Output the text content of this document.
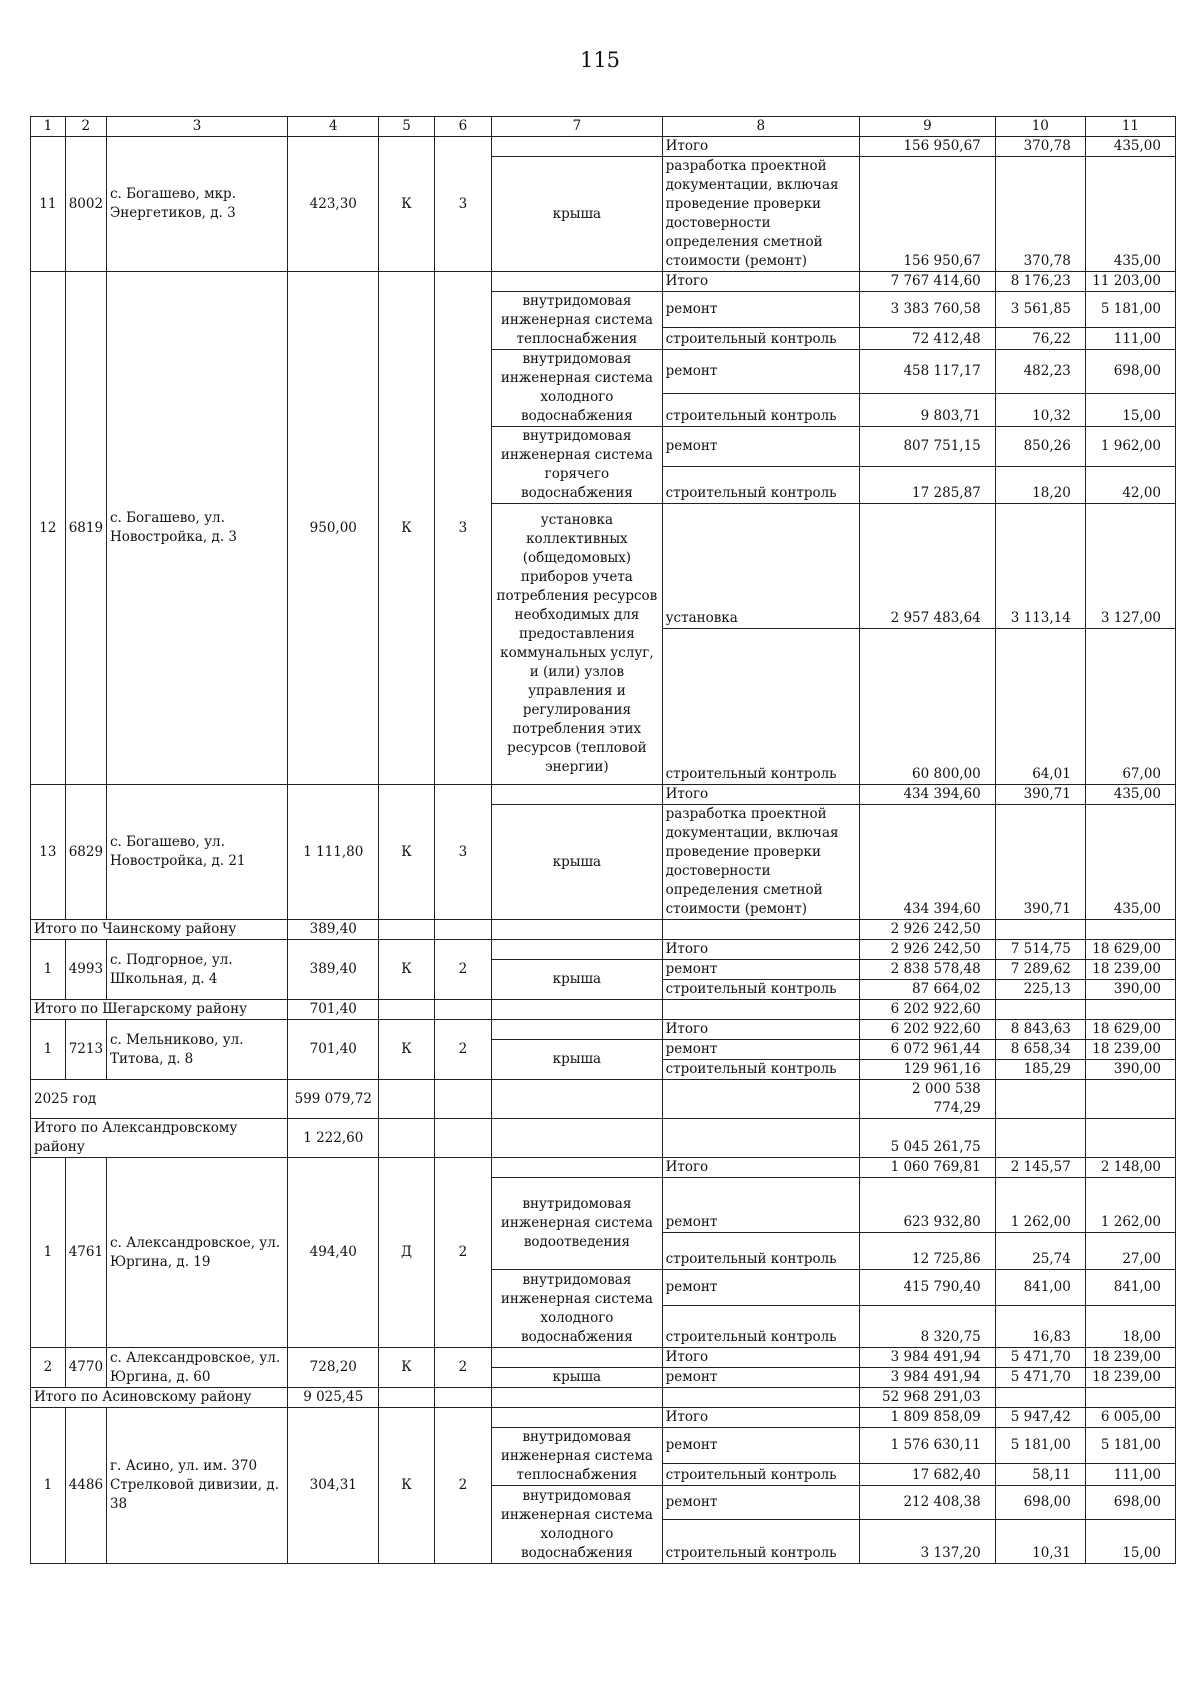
115
1	2	3	4	5	6	7	8	9	10	11
11	8002	с. Богашево, мкр. Энергетиков, д. 3	423,30	К	3		Итого	156 950,67	370,78	435,00
						крыша	разработка проектной документации, включая проведение проверки достоверности определения сметной стоимости (ремонт)	156 950,67	370,78	435,00
12	6819	с. Богашево, ул. Новостройка, д. 3	950,00	К	3		Итого	7 767 414,60	8 176,23	11 203,00
						внутридомовая инженерная система теплоснабжения	ремонт	3 383 760,58	3 561,85	5 181,00
							строительный контроль	72 412,48	76,22	111,00
						внутридомовая инженерная система холодного водоснабжения	ремонт	458 117,17	482,23	698,00
							строительный контроль	9 803,71	10,32	15,00
						внутридомовая инженерная система горячего водоснабжения	ремонт	807 751,15	850,26	1 962,00
							строительный контроль	17 285,87	18,20	42,00
						установка коллективных (общедомовых) приборов учета потребления ресурсов необходимых для предоставления коммунальных услуг, и (или) узлов управления и регулирования потребления этих ресурсов (тепловой энергии)	установка	2 957 483,64	3 113,14	3 127,00
							строительный контроль	60 800,00	64,01	67,00
13	6829	с. Богашево, ул. Новостройка, д. 21	1 111,80	К	3		Итого	434 394,60	390,71	435,00
						крыша	разработка проектной документации, включая проведение проверки достоверности определения сметной стоимости (ремонт)	434 394,60	390,71	435,00
Итого по Чаинскому району			389,40					2 926 242,50		
1	4993	с. Подгорное, ул. Школьная, д. 4	389,40	К	2		Итого	2 926 242,50	7 514,75	18 629,00
						крыша	ремонт	2 838 578,48	7 289,62	18 239,00
							строительный контроль	87 664,02	225,13	390,00
Итого по Шегарскому району			701,40					6 202 922,60		
1	7213	с. Мельниково, ул. Титова, д. 8	701,40	К	2		Итого	6 202 922,60	8 843,63	18 629,00
						крыша	ремонт	6 072 961,44	8 658,34	18 239,00
							строительный контроль	129 961,16	185,29	390,00
2025 год			599 079,72					2 000 538 774,29		
Итого по Александровскому району			1 222,60					5 045 261,75		
1	4761	с. Александровское, ул. Юргина, д. 19	494,40	Д	2		Итого	1 060 769,81	2 145,57	2 148,00
						внутридомовая инженерная система водоотведения	ремонт	623 932,80	1 262,00	1 262,00
							строительный контроль	12 725,86	25,74	27,00
						внутридомовая инженерная система холодного водоснабжения	ремонт	415 790,40	841,00	841,00
							строительный контроль	8 320,75	16,83	18,00
2	4770	с. Александровское, ул. Юргина, д. 60	728,20	К	2		Итого	3 984 491,94	5 471,70	18 239,00
						крыша	ремонт	3 984 491,94	5 471,70	18 239,00
Итого по Асиновскому району			9 025,45					52 968 291,03		
1	4486	г. Асино, ул. им. 370 Стрелковой дивизии, д. 38	304,31	К	2		Итого	1 809 858,09	5 947,42	6 005,00
						внутридомовая инженерная система теплоснабжения	ремонт	1 576 630,11	5 181,00	5 181,00
							строительный контроль	17 682,40	58,11	111,00
						внутридомовая инженерная система холодного водоснабжения	ремонт	212 408,38	698,00	698,00
							строительный контроль	3 137,20	10,31	15,00
